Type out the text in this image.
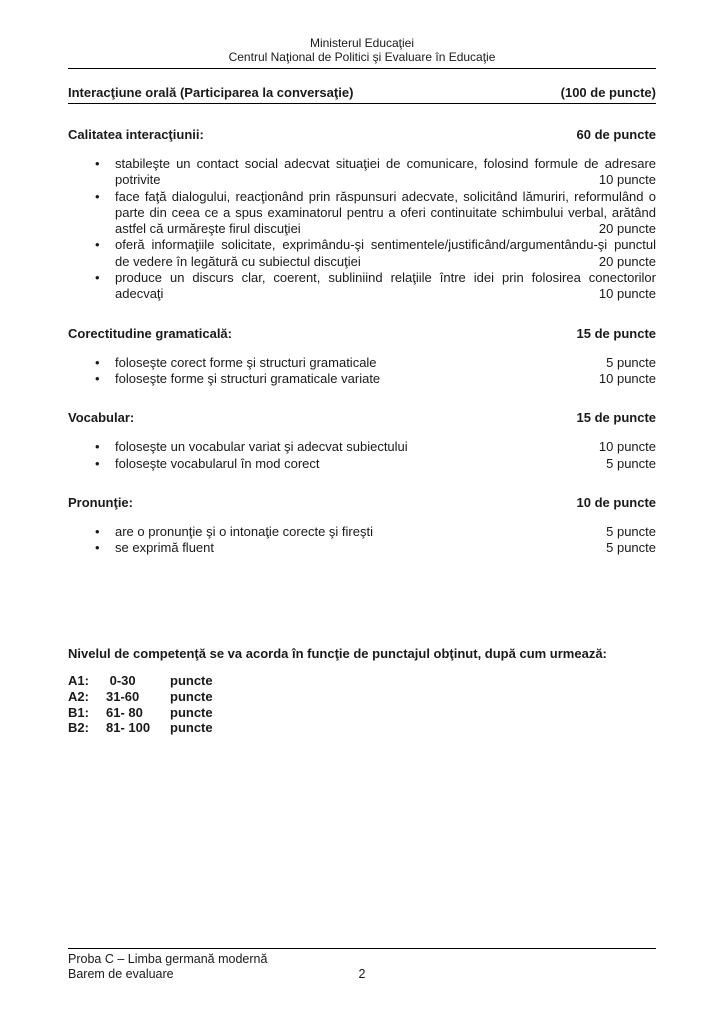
Ministerul Educaţiei
Centrul Naţional de Politici şi Evaluare în Educaţie
Interacţiune orală (Participarea la conversaţie)	(100 de puncte)
Calitatea interacţiunii:	60 de puncte
• stabileşte un contact social adecvat situaţiei de comunicare, folosind formule de adresare potrivite	10 puncte
• face faţă dialogului, reacţionând prin răspunsuri adecvate, solicitând lămuriri, reformulând o parte din ceea ce a spus examinatorul pentru a oferi continuitate schimbului verbal, arătând astfel că urmăreşte firul discuţiei	20 puncte
• oferă informaţiile solicitate, exprimându-şi sentimentele/justificând/argumentându-şi punctul de vedere în legătură cu subiectul discuţiei	20 puncte
• produce un discurs clar, coerent, subliniind relaţiile între idei prin folosirea conectorilor adecvaţi	10 puncte
Corectitudine gramaticală:	15 de puncte
• foloseşte corect forme şi structuri gramaticale	5 puncte
• foloseşte forme şi structuri gramaticale variate	10 puncte
Vocabular:	15 de puncte
• foloseşte un vocabular variat şi adecvat subiectului	10 puncte
• foloseşte vocabularul în mod corect	5 puncte
Pronunţie:	10 de puncte
• are o pronunţie şi o intonaţie corecte şi fireşti	5 puncte
• se exprimă fluent	5 puncte
Nivelul de competenţă se va acorda în funcţie de punctajul obţinut, după cum urmează:
A1:	0-30	puncte
A2:	31-60	puncte
B1:	61- 80	puncte
B2:	81- 100	puncte
Proba C – Limba germană modernă
Barem de evaluare	2
